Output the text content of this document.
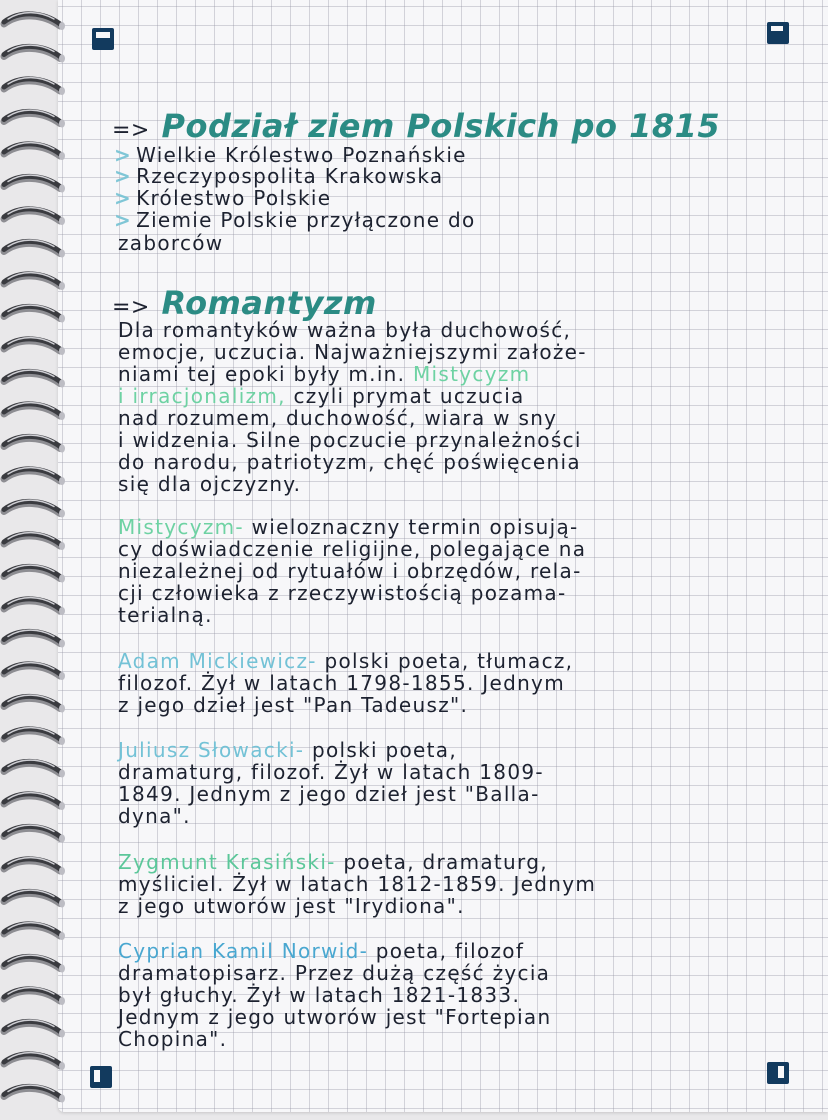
=> Podział ziem Polskich po 1815
> Wielkie Królestwo Poznańskie
> Rzeczypospolita Krakowska
> Królestwo Polskie
> Ziemie Polskie przyłączone do
zaborców
=> Romantyzm
Dla romantyków ważna była duchowość,
emocje, uczucia. Najważniejszymi założe-
niami tej epoki były m.in. Mistycyzm
i irracjonalizm, czyli prymat uczucia
nad rozumem, duchowość, wiara w sny
i widzenia. Silne poczucie przynależności
do narodu, patriotyzm, chęć poświęcenia
się dla ojczyzny.
Mistycyzm- wieloznaczny termin opisują-
cy doświadczenie religijne, polegające na
niezależnej od rytuałów i obrzędów, rela-
cji człowieka z rzeczywistością pozama-
terialną.
Adam Mickiewicz- polski poeta, tłumacz,
filozof. Żył w latach 1798-1855. Jednym
z jego dzieł jest "Pan Tadeusz".
Juliusz Słowacki- polski poeta,
dramaturg, filozof. Żył w latach 1809-
1849. Jednym z jego dzieł jest "Balla-
dyna".
Zygmunt Krasiński- poeta, dramaturg,
myśliciel. Żył w latach 1812-1859. Jednym
z jego utworów jest "Irydiona".
Cyprian Kamil Norwid- poeta, filozof
dramatopisarz. Przez dużą część życia
był głuchy. Żył w latach 1821-1833.
Jednym z jego utworów jest "Fortepian
Chopina".
